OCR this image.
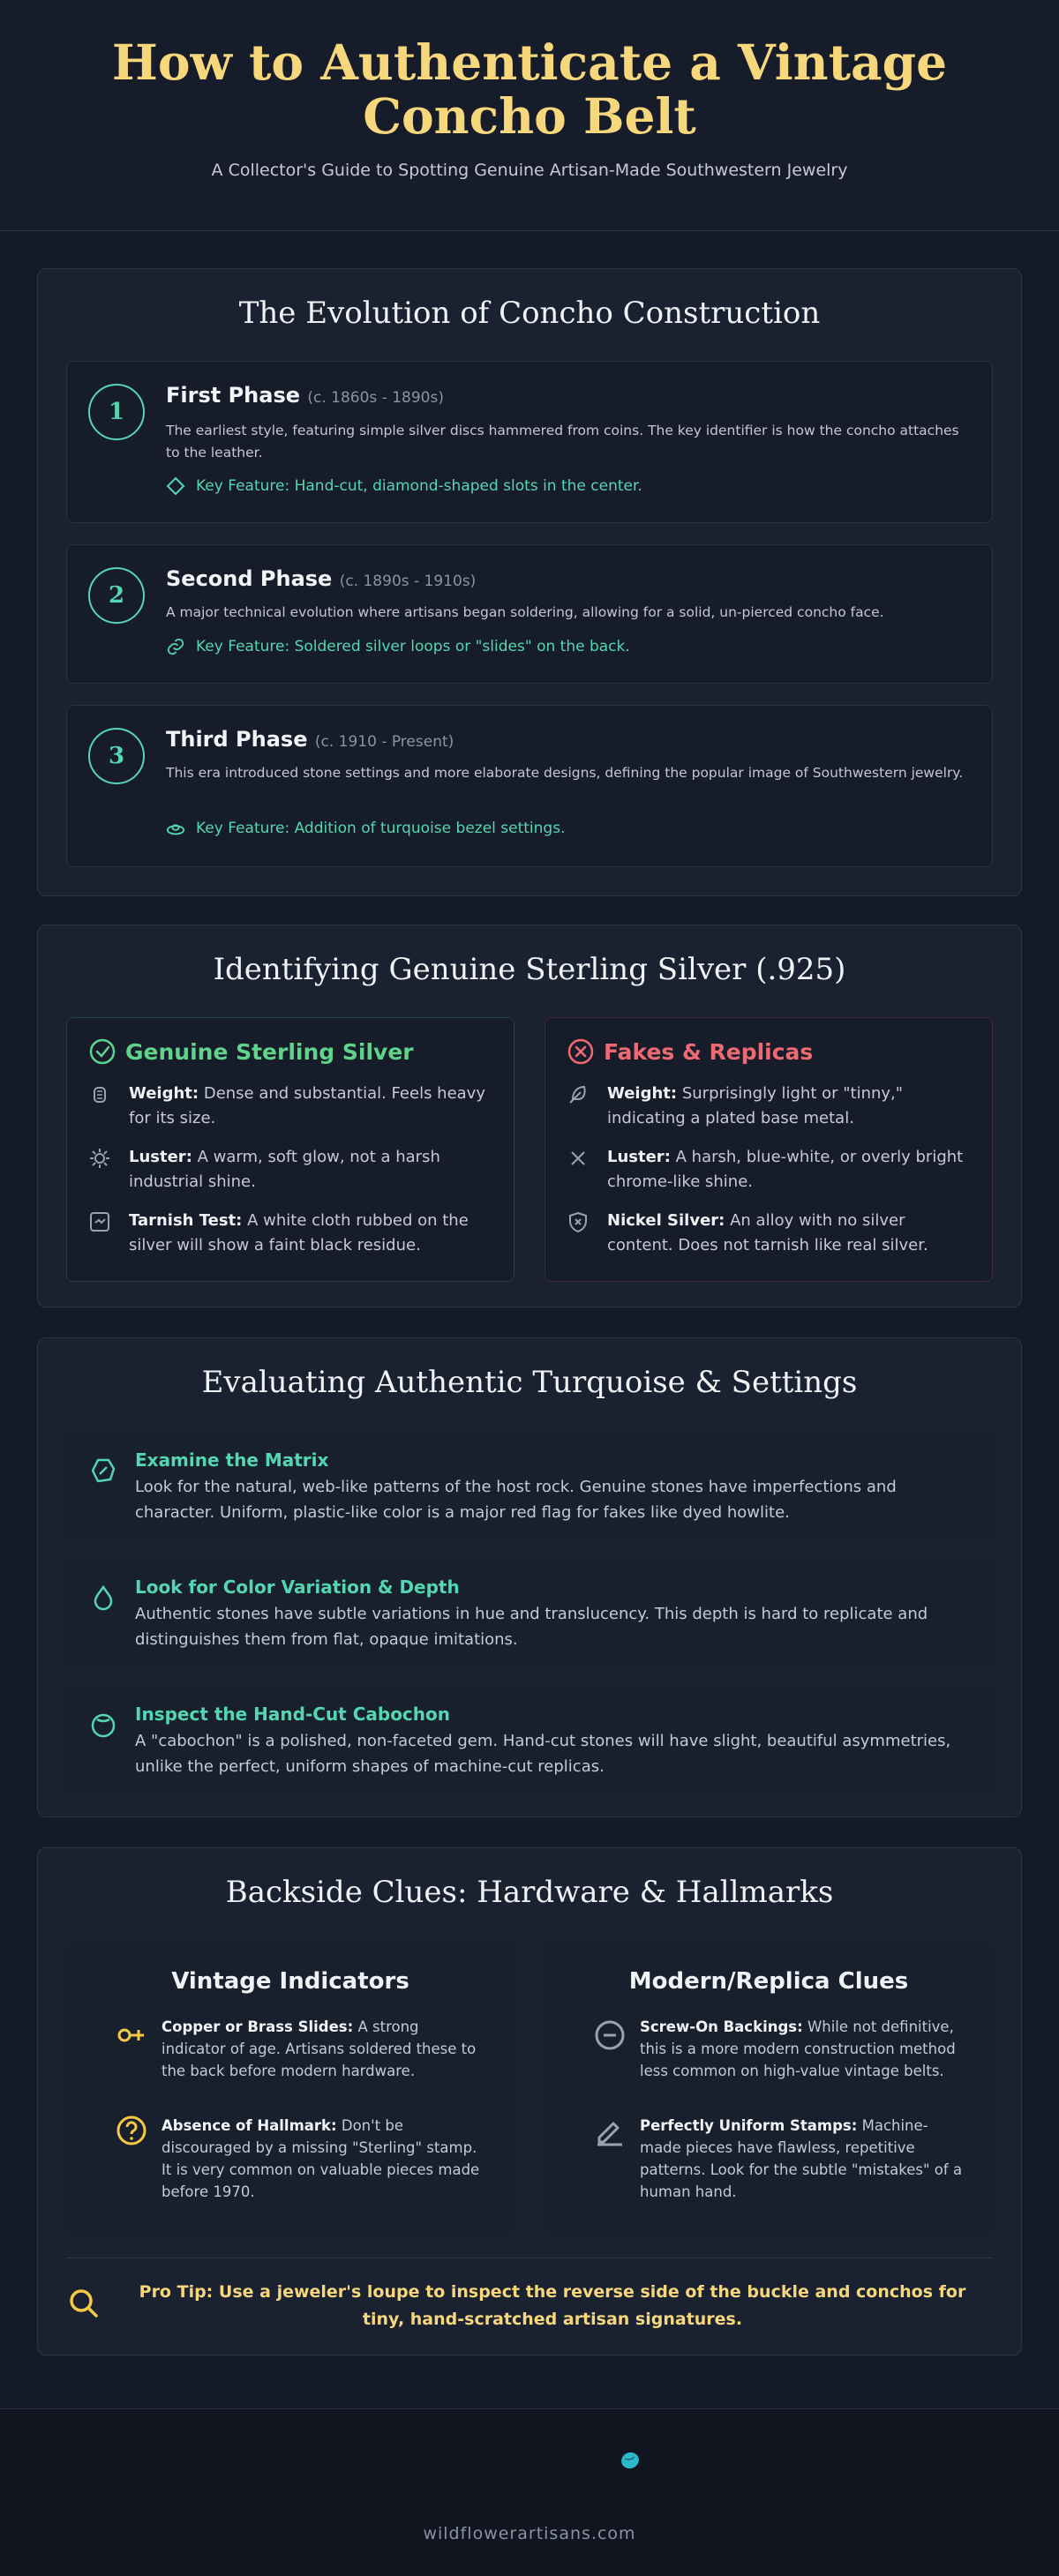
How to Authenticate a Vintage Concho Belt
A Collector's Guide to Spotting Genuine Artisan-Made Southwestern Jewelry
The Evolution of Concho Construction
1
First Phase (c. 1860s - 1890s)
The earliest style, featuring simple silver discs hammered from coins. The key identifier is how the concho attaches to the leather.
Key Feature: Hand-cut, diamond-shaped slots in the center.
2
Second Phase (c. 1890s - 1910s)
A major technical evolution where artisans began soldering, allowing for a solid, un-pierced concho face.
Key Feature: Soldered silver loops or "slides" on the back.
3
Third Phase (c. 1910 - Present)
This era introduced stone settings and more elaborate designs, defining the popular image of Southwestern jewelry.
Key Feature: Addition of turquoise bezel settings.
Identifying Genuine Sterling Silver (.925)
Genuine Sterling Silver
Weight: Dense and substantial. Feels heavy for its size.
Luster: A warm, soft glow, not a harsh industrial shine.
Tarnish Test: A white cloth rubbed on the silver will show a faint black residue.
Fakes & Replicas
Weight: Surprisingly light or "tinny," indicating a plated base metal.
Luster: A harsh, blue-white, or overly bright chrome-like shine.
Nickel Silver: An alloy with no silver content. Does not tarnish like real silver.
Evaluating Authentic Turquoise & Settings
Examine the Matrix
Look for the natural, web-like patterns of the host rock. Genuine stones have imperfections and character. Uniform, plastic-like color is a major red flag for fakes like dyed howlite.
Look for Color Variation & Depth
Authentic stones have subtle variations in hue and translucency. This depth is hard to replicate and distinguishes them from flat, opaque imitations.
Inspect the Hand-Cut Cabochon
A "cabochon" is a polished, non-faceted gem. Hand-cut stones will have slight, beautiful asymmetries, unlike the perfect, uniform shapes of machine-cut replicas.
Backside Clues: Hardware & Hallmarks
Vintage Indicators
Copper or Brass Slides: A strong indicator of age. Artisans soldered these to the back before modern hardware.
Absence of Hallmark: Don't be discouraged by a missing "Sterling" stamp. It is very common on valuable pieces made before 1970.
Modern/Replica Clues
Screw-On Backings: While not definitive, this is a more modern construction method less common on high-value vintage belts.
Perfectly Uniform Stamps: Machine-made pieces have flawless, repetitive patterns. Look for the subtle "mistakes" of a human hand.
Pro Tip: Use a jeweler's loupe to inspect the reverse side of the buckle and conchos for tiny, hand-scratched artisan signatures.
wildflowerartisans.com
